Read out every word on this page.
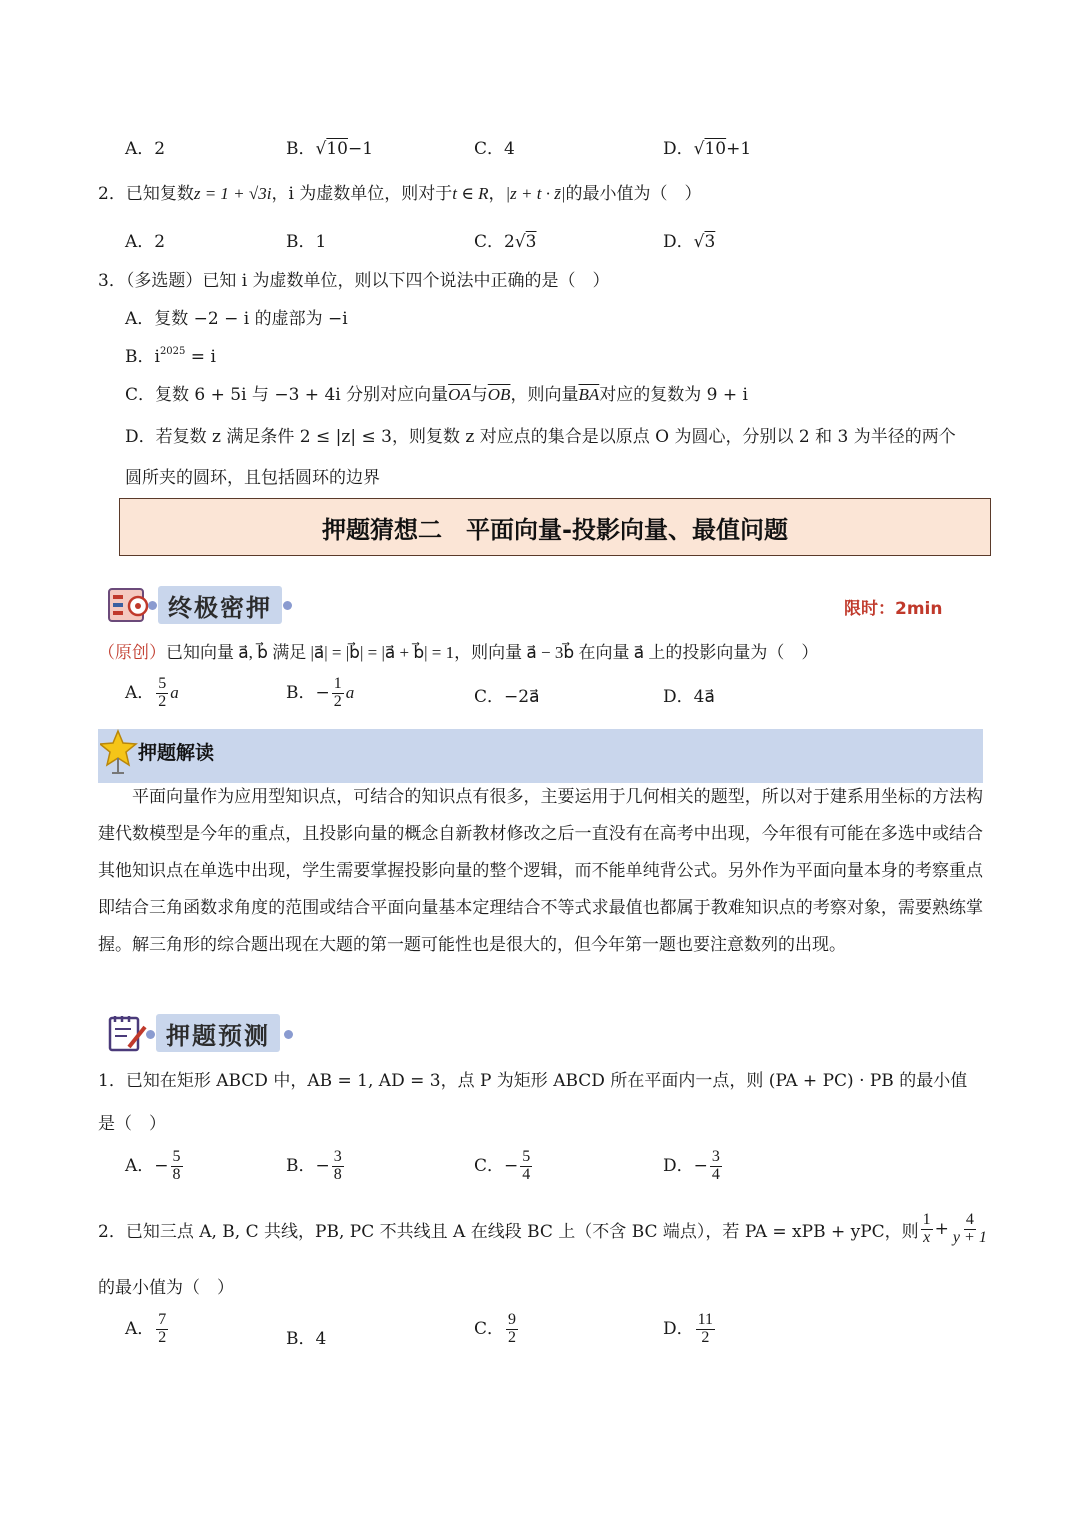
A．2	B．√10−1	C．4	D．√10+1
2．已知复数z = 1 + √3i，i 为虚数单位，则对于t ∈ R，|z + t · z̄|的最小值为（　）
A．2	B．1	C．2√3	D．√3
3．（多选题）已知 i 为虚数单位，则以下四个说法中正确的是（　）
A．复数 −2 − i 的虚部为 −i
B．$i^{2025} = i$
C．复数 6 + 5i 与 −3 + 4i 分别对应向量$\overline{OA}$与$\overline{OB}$，则向量$\overline{BA}$对应的复数为 9 + i
D．若复数 z 满足条件 2 ≤ |z| ≤ 3，则复数 z 对应点的集合是以原点 O 为圆心，分别以 2 和 3 为半径的两个
圆所夹的圆环，且包括圆环的边界
押题猜想二　平面向量-投影向量、最值问题
终极密押	限时：2min
（原创）已知向量 a⃗, b⃗ 满足 |a⃗| = |b⃗| = |a⃗ + b⃗| = 1，则向量 a⃗ − 3b⃗ 在向量 a⃗ 上的投影向量为（　）
A． $\frac{5}{2}$ a⃗	B．− $\frac{1}{2}$ a⃗	C．−2a⃗	D．4a⃗
押题解读
平面向量作为应用型知识点，可结合的知识点有很多，主要运用于几何相关的题型，所以对于建系用坐标的方法构建代数模型是今年的重点，且投影向量的概念自新教材修改之后一直没有在高考中出现，今年很有可能在多选中或结合其他知识点在单选中出现，学生需要掌握投影向量的整个逻辑，而不能单纯背公式。另外作为平面向量本身的考察重点即结合三角函数求角度的范围或结合平面向量基本定理结合不等式求最值也都属于教难知识点的考察对象，需要熟练掌握。解三角形的综合题出现在大题的第一题可能性也是很大的，但今年第一题也要注意数列的出现。
押题预测
1．已知在矩形 ABCD 中，AB = 1, AD = 3，点 P 为矩形 ABCD 所在平面内一点，则 (PA + PC) · PB 的最小值
是（　）
A．− $\frac{5}{8}$	B．− $\frac{3}{8}$	C．− $\frac{5}{4}$	D．− $\frac{3}{4}$
2．已知三点 A, B, C 共线，PB, PC 不共线且 A 在线段 BC 上（不含 BC 端点），若 PA = xPB + yPC，则 $\frac{1}{x} + \frac{4}{y + 1}$
的最小值为（　）
A． $\frac{7}{2}$	B．4
C． $\frac{9}{2}$	D． $\frac{11}{2}$
